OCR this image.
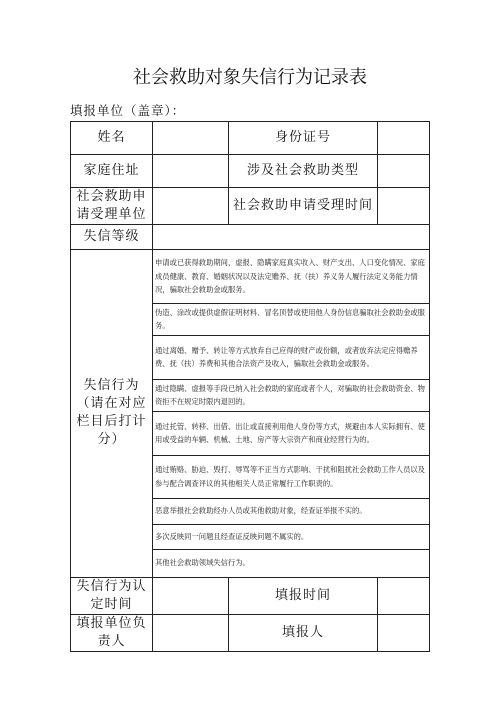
社会救助对象失信行为记录表
填报单位（盖章）：
姓名		身份证号	
家庭住址		涉及社会救助类型	
社会救助申请受理单位		社会救助申请受理时间	
失信等级			
失信行为（请在对应栏目后打计分）	申请或已获得救助期间，虚报、隐瞒家庭真实收入、财产支出、人口变化情况、家庭成员健康、教育、婚姻状况以及法定赡养、抚（扶）养义务人履行法定义务能力情况，骗取社会救助金或服务。		
	伪造、涂改或提供虚假证明材料、冒名顶替或使用他人身份信息骗取社会救助金或服务。		
	通过离婚、赠予、转让等方式放弃自己应得的财产或份额，或者放弃法定应得赡养费、抚（扶）养费和其他合法资产及收入，骗取社会救助金或服务。		
	通过隐瞒、虚报等手段已纳入社会救助的家庭或者个人，对骗取的社会救助资金、物资拒不在规定时限内退回的。		
	通过托管、转移、出借、出让或直接利用他人身份等方式，规避由本人实际拥有、使用或受益的车辆、机械、土地、房产等大宗资产和商业经营行为的。		
	通过贿赂、胁迫、毁打、辱骂等不正当方式影响、干扰和阻扰社会救助工作人员以及参与配合调查评议的其他相关人员正常履行工作职责的。		
	恶意举报社会救助经办人员或其他救助对象，经查证举报不实的。		
	多次反映同一问题且经查证反映问题不属实的。		
	其他社会救助领域失信行为。		
失信行为认定时间		填报时间	
填报单位负责人		填报人	
